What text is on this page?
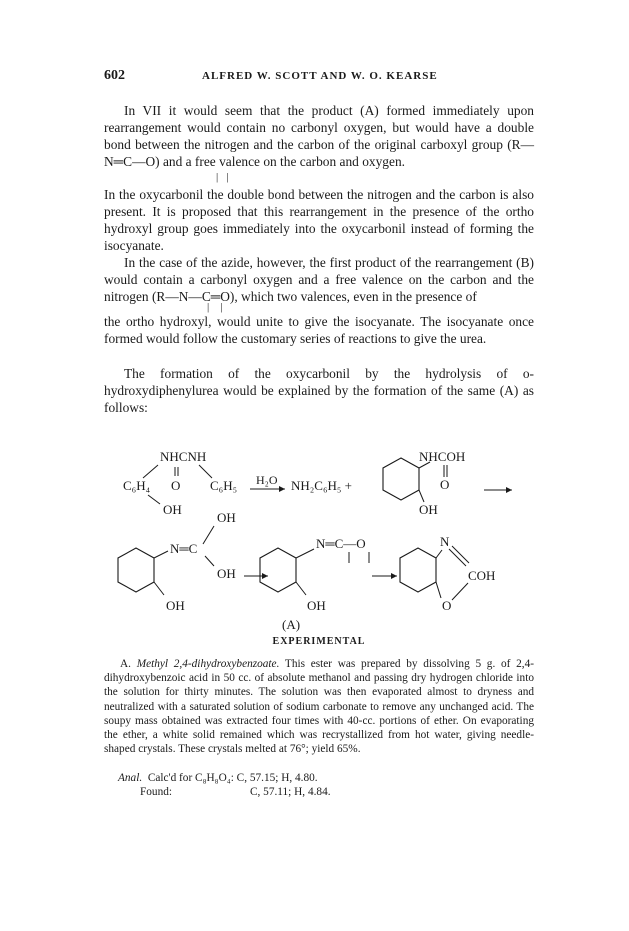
602	ALFRED W. SCOTT AND W. O. KEARSE

In VII it would seem that the product (A) formed immediately upon rearrangement would contain no carbonyl oxygen, but would have a double bond between the nitrogen and the carbon of the original carboxyl group (R—N═C—O) and a free valence on the carbon and oxygen.

|   |

In the oxycarbonil the double bond between the nitrogen and the carbon is also present. It is proposed that this rearrangement in the presence of the ortho hydroxyl group goes immediately into the oxycarbonil instead of forming the isocyanate.

In the case of the azide, however, the first product of the rearrangement (B) would contain a carbonyl oxygen and a free valence on the carbon and the nitrogen (R—N—C═O), which two valences, even in the presence of

|    |

the ortho hydroxyl, would unite to give the isocyanate. The isocyanate once formed would follow the customary series of reactions to give the urea.

The formation of the oxycarbonil by the hydrolysis of o-hydroxydiphenylurea would be explained by the formation of the same (A) as follows:

NHCNH
C₆H₄ O C₆H₅ H₂O NH₂C₆H₅ +
OH
NHCOH
O
OH
OH
N═C
OH
OH
N═C—O
OH
(A)
N
COH
O
EXPERIMENTAL

A. Methyl 2,4-dihydroxybenzoate. This ester was prepared by dissolving 5 g. of 2,4-dihydroxybenzoic acid in 50 cc. of absolute methanol and passing dry hydrogen chloride into the solution for thirty minutes. The solution was then evaporated almost to dryness and neutralized with a saturated solution of sodium carbonate to remove any unchanged acid. The soupy mass obtained was extracted four times with 40-cc. portions of ether. On evaporating the ether, a white solid remained which was recrystallized from hot water, giving needle-shaped crystals. These crystals melted at 76°; yield 65%.

Anal. Calc'd for C₈H₈O₄: C, 57.15; H, 4.80.
Found:	C, 57.11; H, 4.84.
